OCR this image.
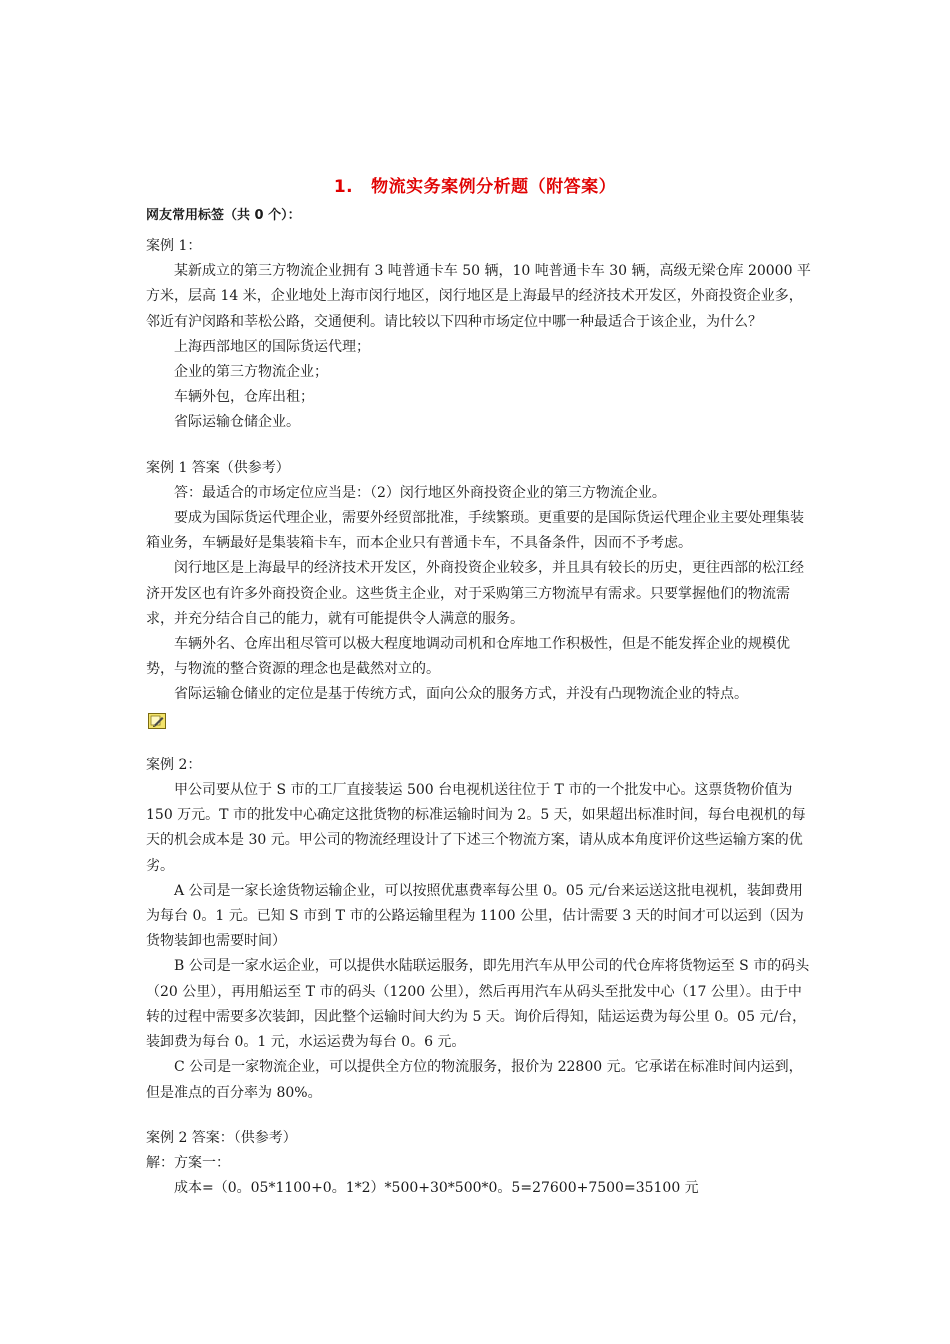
1. 物流实务案例分析题（附答案）
网友常用标签（共 0 个）：

案例 1：

某新成立的第三方物流企业拥有 3 吨普通卡车 50 辆，10 吨普通卡车 30 辆，高级无梁仓库 20000 平方米，层高 14 米，企业地处上海市闵行地区，闵行地区是上海最早的经济技术开发区，外商投资企业多，邻近有沪闵路和莘松公路，交通便利。请比较以下四种市场定位中哪一种最适合于该企业，为什么？

上海西部地区的国际货运代理；

企业的第三方物流企业；

车辆外包，仓库出租；

省际运输仓储企业。

案例 1 答案（供参考）

答：最适合的市场定位应当是：（2）闵行地区外商投资企业的第三方物流企业。

要成为国际货运代理企业，需要外经贸部批准，手续繁琐。更重要的是国际货运代理企业主要处理集装箱业务，车辆最好是集装箱卡车，而本企业只有普通卡车，不具备条件，因而不予考虑。

闵行地区是上海最早的经济技术开发区，外商投资企业较多，并且具有较长的历史，更往西部的松江经济开发区也有许多外商投资企业。这些货主企业，对于采购第三方物流早有需求。只要掌握他们的物流需求，并充分结合自己的能力，就有可能提供令人满意的服务。

车辆外名、仓库出租尽管可以极大程度地调动司机和仓库地工作积极性，但是不能发挥企业的规模优势，与物流的整合资源的理念也是截然对立的。

省际运输仓储业的定位是基于传统方式，面向公众的服务方式，并没有凸现物流企业的特点。

案例 2：

甲公司要从位于 S 市的工厂直接装运 500 台电视机送往位于 T 市的一个批发中心。这票货物价值为 150 万元。T 市的批发中心确定这批货物的标准运输时间为 2。5 天，如果超出标准时间，每台电视机的每天的机会成本是 30 元。甲公司的物流经理设计了下述三个物流方案，请从成本角度评价这些运输方案的优劣。

A 公司是一家长途货物运输企业，可以按照优惠费率每公里 0。05 元/台来运送这批电视机，装卸费用为每台 0。1 元。已知 S 市到 T 市的公路运输里程为 1100 公里，估计需要 3 天的时间才可以运到（因为货物装卸也需要时间）

B 公司是一家水运企业，可以提供水陆联运服务，即先用汽车从甲公司的代仓库将货物运至 S 市的码头（20 公里），再用船运至 T 市的码头（1200 公里），然后再用汽车从码头至批发中心（17 公里）。由于中转的过程中需要多次装卸，因此整个运输时间大约为 5 天。询价后得知，陆运运费为每公里 0。05 元/台，装卸费为每台 0。1 元，水运运费为每台 0。6 元。

C 公司是一家物流企业，可以提供全方位的物流服务，报价为 22800 元。它承诺在标准时间内运到，但是准点的百分率为 80%。

案例 2 答案：（供参考）

解：方案一：

成本=（0。05*1100+0。1*2）*500+30*500*0。5=27600+7500=35100 元
